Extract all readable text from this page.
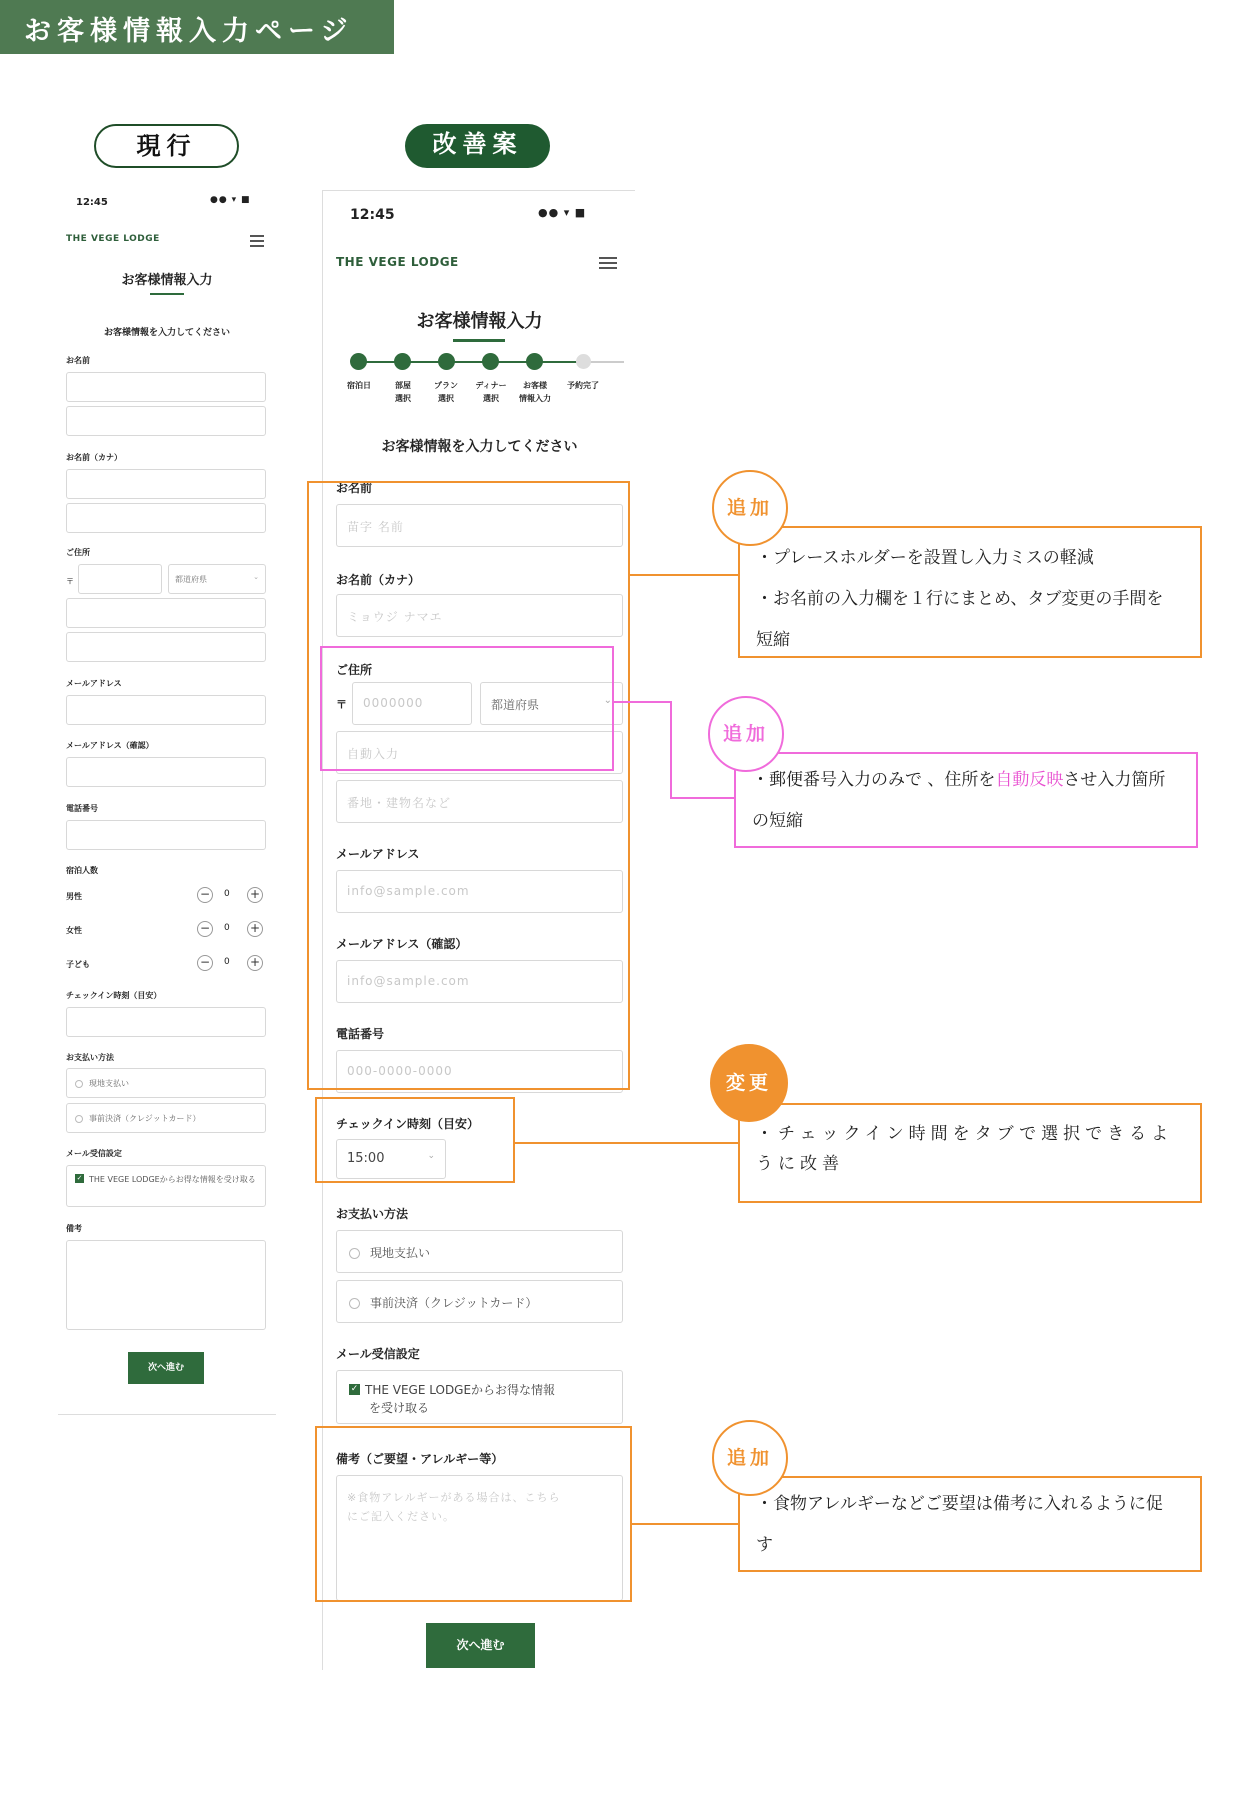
お客様情報入力ページ
現行	改善案
12:45	●● ▾ ■
THE VEGE LODGE
お客様情報入力
お客様情報を入力してください
お名前
お名前（カナ）
ご住所
〒	都道府県	⌄
メールアドレス
メールアドレス（確認）
電話番号
宿泊人数
男性	−	0 +
女性	−	0 +
子ども	−	0 +
チェックイン時刻（目安）
お支払い方法
現地支払い
事前決済（クレジットカード）
メール受信設定
✓ THE VEGE LODGEからお得な情報を受け取る
備考
次へ進む
12:45	●● ▾ ■
THE VEGE LODGE
お客様情報入力
宿泊日	部屋
選択
プラン
選択
ディナー
選択
お客様
情報入力
予約完了
お客様情報を入力してください
お名前
苗字 名前
お名前（カナ）
ミョウジ ナマエ
ご住所
〒	0000000	都道府県	⌄
自動入力
番地・建物名など
メールアドレス
info@sample.com
メールアドレス（確認）
info@sample.com
電話番号
000-0000-0000
チェックイン時刻（目安）
15:00	⌄
お支払い方法
現地支払い
事前決済（クレジットカード）
メール受信設定
✓ THE VEGE LODGEからお得な情報
を受け取る
備考（ご要望・アレルギー等）
※食物アレルギーがある場合は、こちら
にご記入ください。
次へ進む
・プレースホルダーを設置し入力ミスの軽減
・お名前の入力欄を１行にまとめ、タブ変更の手間を
短縮
追加
・郵便番号入力のみで 、住所を自動反映させ入力箇所
の短縮
追加
・チェックイン時間をタブで選択できるよ
うに改善
変更
・食物アレルギーなどご要望は備考に入れるように促
す
追加
